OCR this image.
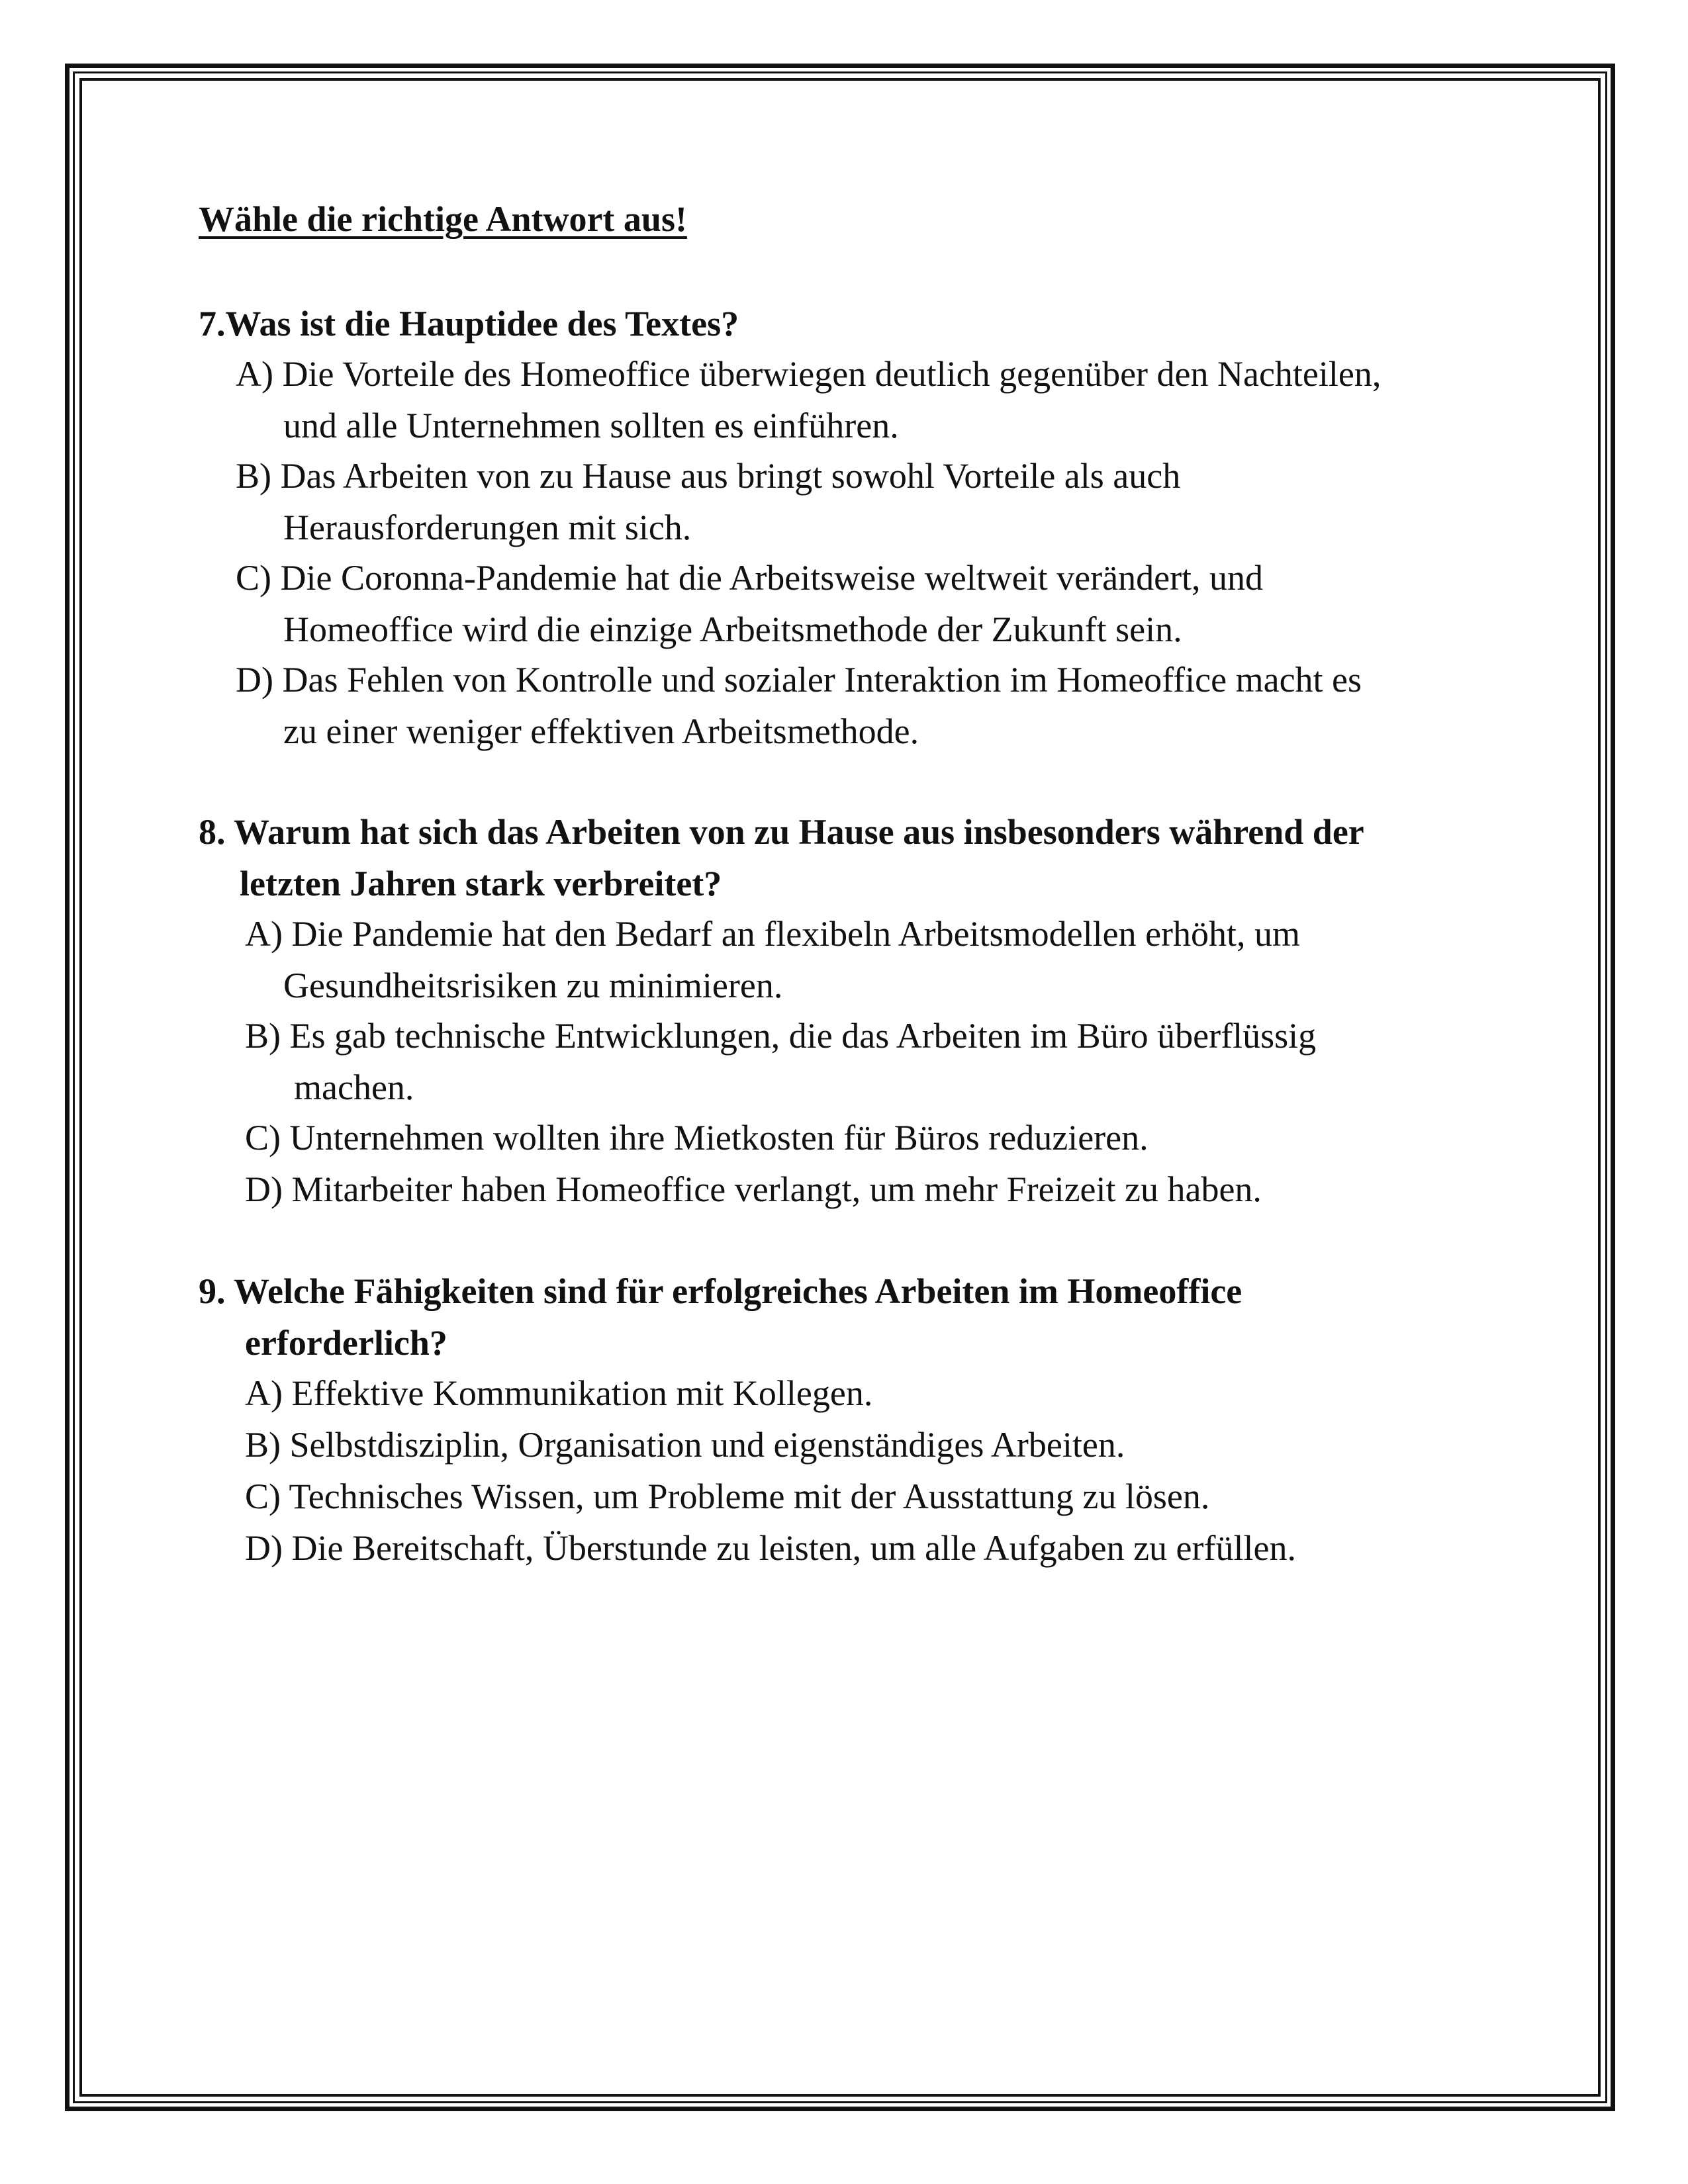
Wähle die richtige Antwort aus!
7.Was ist die Hauptidee des Textes?
A) Die Vorteile des Homeoffice überwiegen deutlich gegenüber den Nachteilen,
und alle Unternehmen sollten es einführen.
B) Das Arbeiten von zu Hause aus bringt sowohl Vorteile als auch
Herausforderungen mit sich.
C) Die Coronna-Pandemie hat die Arbeitsweise weltweit verändert, und
Homeoffice wird die einzige Arbeitsmethode der Zukunft sein.
D) Das Fehlen von Kontrolle und sozialer Interaktion im Homeoffice macht es
zu einer weniger effektiven Arbeitsmethode.
8. Warum hat sich das Arbeiten von zu Hause aus insbesonders während der
letzten Jahren stark verbreitet?
A) Die Pandemie hat den Bedarf an flexibeln Arbeitsmodellen erhöht, um
Gesundheitsrisiken zu minimieren.
B) Es gab technische Entwicklungen, die das Arbeiten im Büro überflüssig
machen.
C) Unternehmen wollten ihre Mietkosten für Büros reduzieren.
D) Mitarbeiter haben Homeoffice verlangt, um mehr Freizeit zu haben.
9. Welche Fähigkeiten sind für erfolgreiches Arbeiten im Homeoffice
erforderlich?
A) Effektive Kommunikation mit Kollegen.
B) Selbstdisziplin, Organisation und eigenständiges Arbeiten.
C) Technisches Wissen, um Probleme mit der Ausstattung zu lösen.
D) Die Bereitschaft, Überstunde zu leisten, um alle Aufgaben zu erfüllen.
